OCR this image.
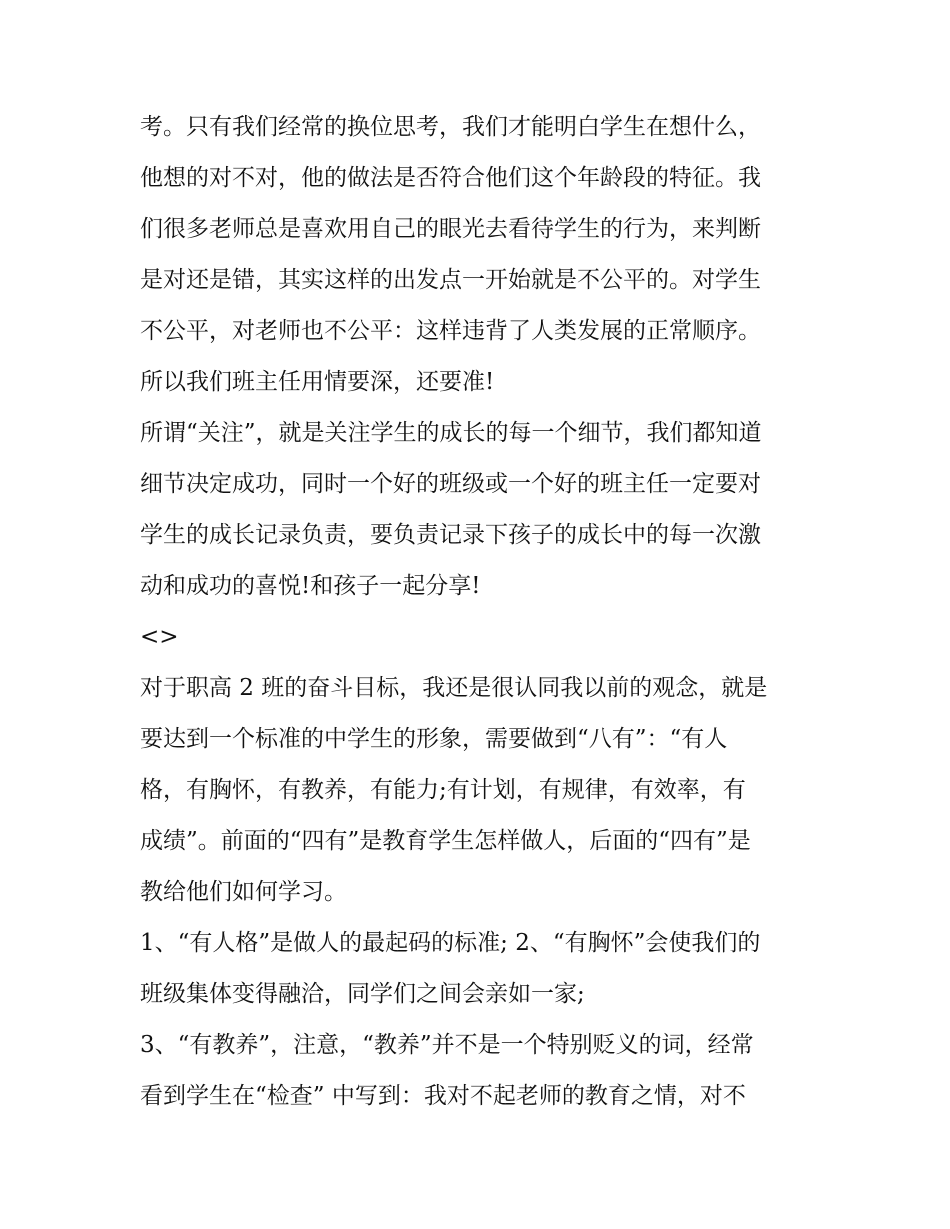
考。只有我们经常的换位思考，我们才能明白学生在想什么，
他想的对不对，他的做法是否符合他们这个年龄段的特征。我
们很多老师总是喜欢用自己的眼光去看待学生的行为，来判断
是对还是错，其实这样的出发点一开始就是不公平的。对学生
不公平，对老师也不公平：这样违背了人类发展的正常顺序。
所以我们班主任用情要深，还要准!
所谓“关注”，就是关注学生的成长的每一个细节，我们都知道
细节决定成功，同时一个好的班级或一个好的班主任一定要对
学生的成长记录负责，要负责记录下孩子的成长中的每一次激
动和成功的喜悦!和孩子一起分享!
<>
对于职高 2 班的奋斗目标，我还是很认同我以前的观念，就是
要达到一个标准的中学生的形象，需要做到“八有”：“有人
格，有胸怀，有教养，有能力;有计划，有规律，有效率，有
成绩”。前面的“四有”是教育学生怎样做人，后面的“四有”是
教给他们如何学习。
1、“有人格”是做人的最起码的标准; 2、“有胸怀”会使我们的
班级集体变得融洽，同学们之间会亲如一家;
3、“有教养”，注意，“教养”并不是一个特别贬义的词，经常
看到学生在“检查” 中写到：我对不起老师的教育之情，对不
